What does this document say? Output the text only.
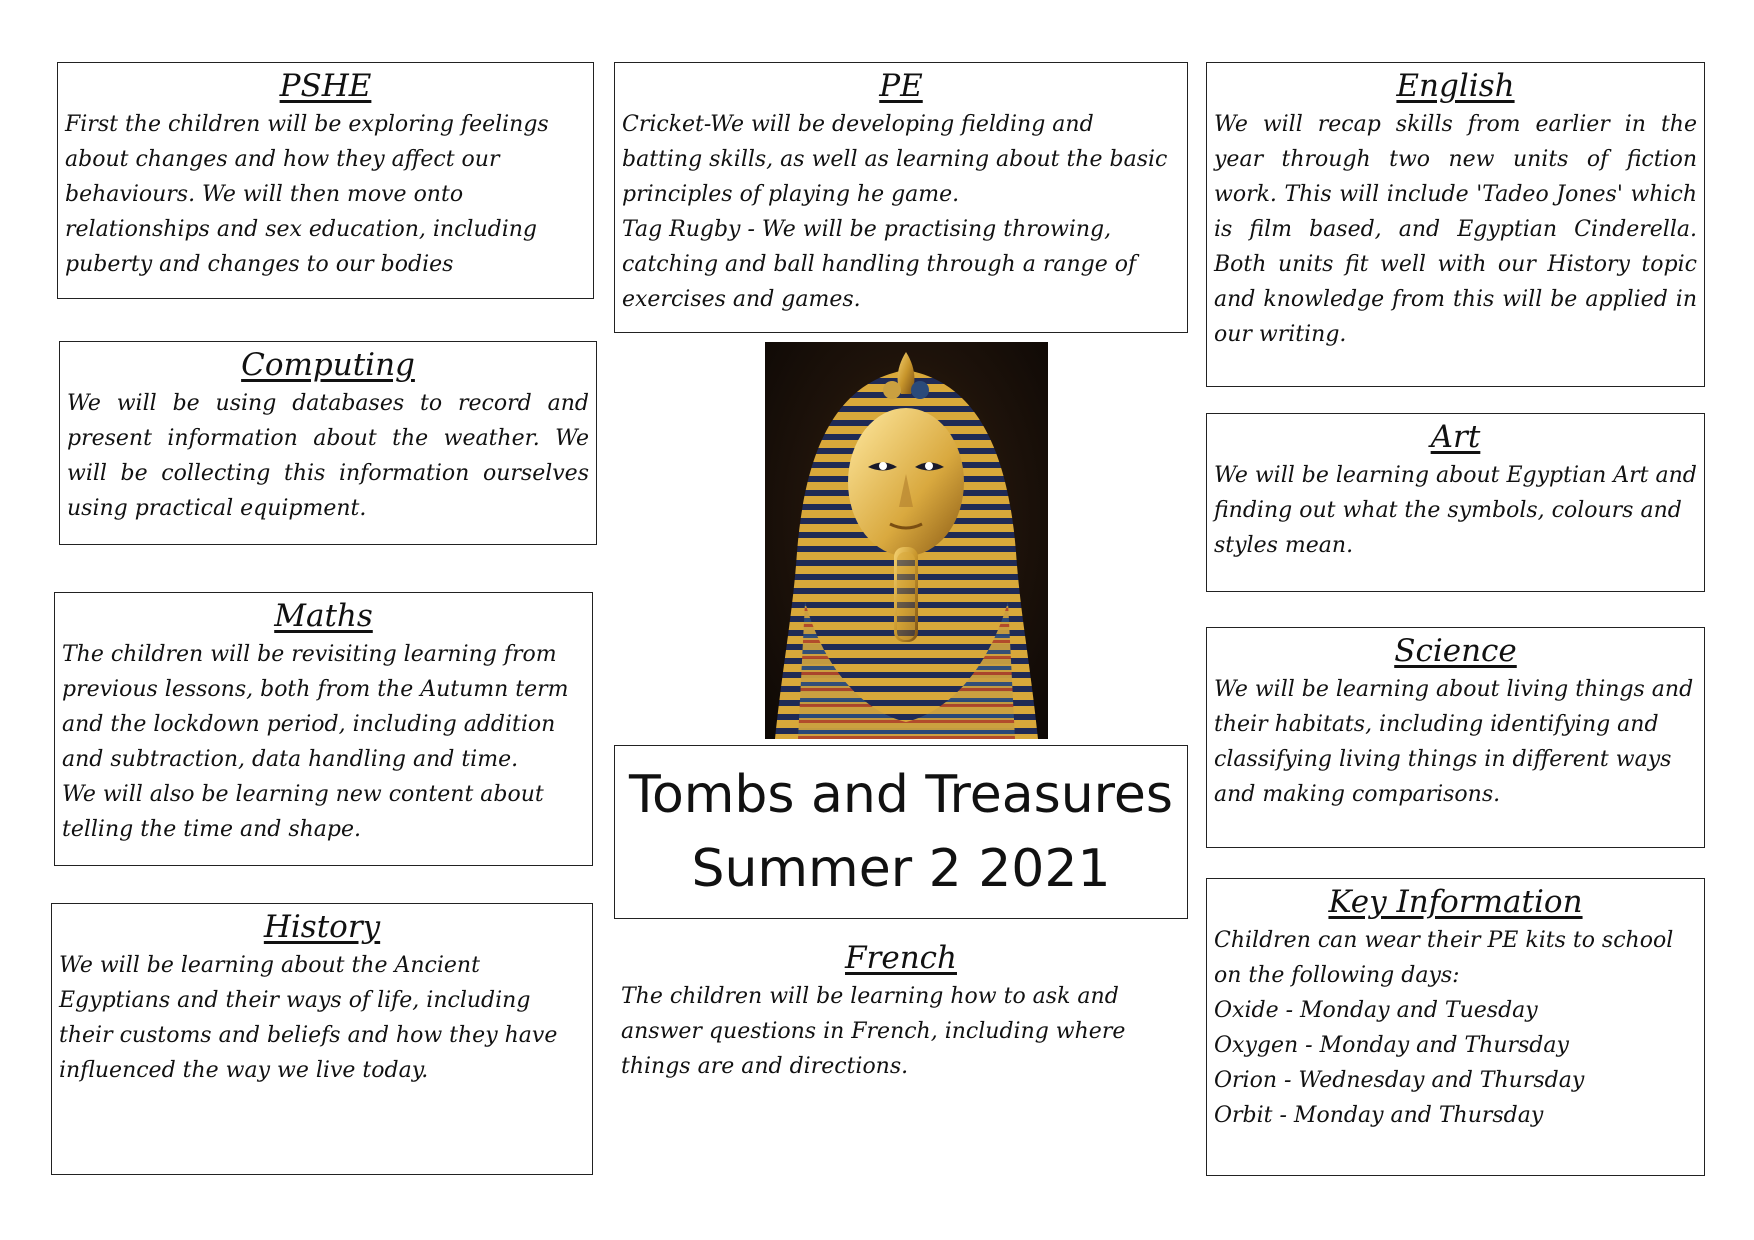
PSHE

First the children will be exploring feelings about changes and how they affect our behaviours. We will then move onto relationships and sex education, including puberty and changes to our bodies

Computing

We will be using databases to record and present information about the weather. We will be collecting this information ourselves using practical equipment.

Maths

The children will be revisiting learning from previous lessons, both from the Autumn term and the lockdown period, including addition and subtraction, data handling and time.
We will also be learning new content about telling the time and shape.

History

We will be learning about the Ancient Egyptians and their ways of life, including their customs and beliefs and how they have influenced the way we live today.

PE

Cricket-We will be developing fielding and batting skills, as well as learning about the basic principles of playing he game.
Tag Rugby - We will be practising throwing, catching and ball handling through a range of exercises and games.

Tombs and Treasures
Summer 2 2021
French

The children will be learning how to ask and answer questions in French, including where things are and directions.

English

We will recap skills from earlier in the year through two new units of fiction work. This will include 'Tadeo Jones' which is film based, and Egyptian Cinderella. Both units fit well with our History topic and knowledge from this will be applied in our writing.

Art

We will be learning about Egyptian Art and finding out what the symbols, colours and styles mean.

Science

We will be learning about living things and their habitats, including identifying and classifying living things in different ways and making comparisons.

Key Information

Children can wear their PE kits to school on the following days:

Oxide - Monday and Tuesday

Oxygen - Monday and Thursday

Orion - Wednesday and Thursday

Orbit - Monday and Thursday
